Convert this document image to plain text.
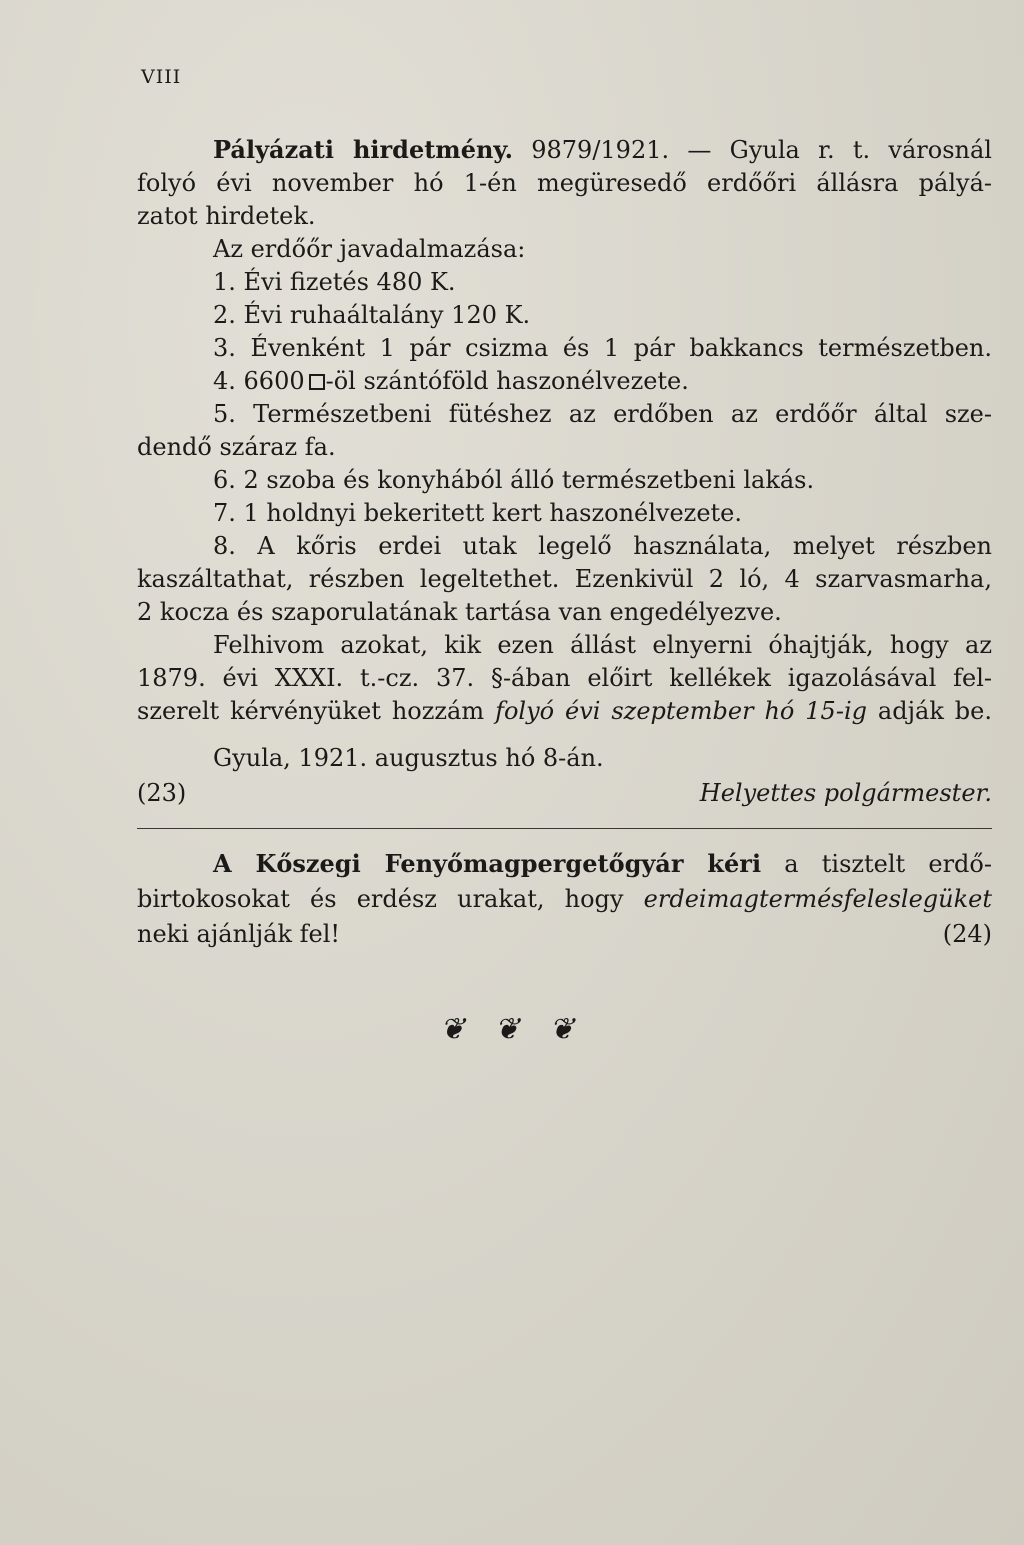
VIII
Pályázati hirdetmény. 9879/1921. — Gyula r. t. városnál
folyó évi november hó 1-én megüresedő erdőőri állásra pályá-
zatot hirdetek.
Az erdőőr javadalmazása:
1. Évi fizetés 480 K.
2. Évi ruhaáltalány 120 K.
3. Évenként 1 pár csizma és 1 pár bakkancs természetben.
4. 6600 -öl szántóföld haszonélvezete.
5. Természetbeni fütéshez az erdőben az erdőőr által sze-
dendő száraz fa.
6. 2 szoba és konyhából álló természetbeni lakás.
7. 1 holdnyi bekeritett kert haszonélvezete.
8. A kőris erdei utak legelő használata, melyet részben
kaszáltathat, részben legeltethet. Ezenkivül 2 ló, 4 szarvasmarha,
2 kocza és szaporulatának tartása van engedélyezve.
Felhivom azokat, kik ezen állást elnyerni óhajtják, hogy az
1879. évi XXXI. t.-cz. 37. §-ában előirt kellékek igazolásával fel-
szerelt kérvényüket hozzám folyó évi szeptember hó 15-ig adják be.
Gyula, 1921. augusztus hó 8-án.
(23)	Helyettes polgármester.
A Kőszegi Fenyőmagpergetőgyár kéri a tisztelt erdő-
birtokosokat és erdész urakat, hogy erdeimagtermésfeleslegüket
neki ajánlják fel!	(24)
❦ ❦ ❦
